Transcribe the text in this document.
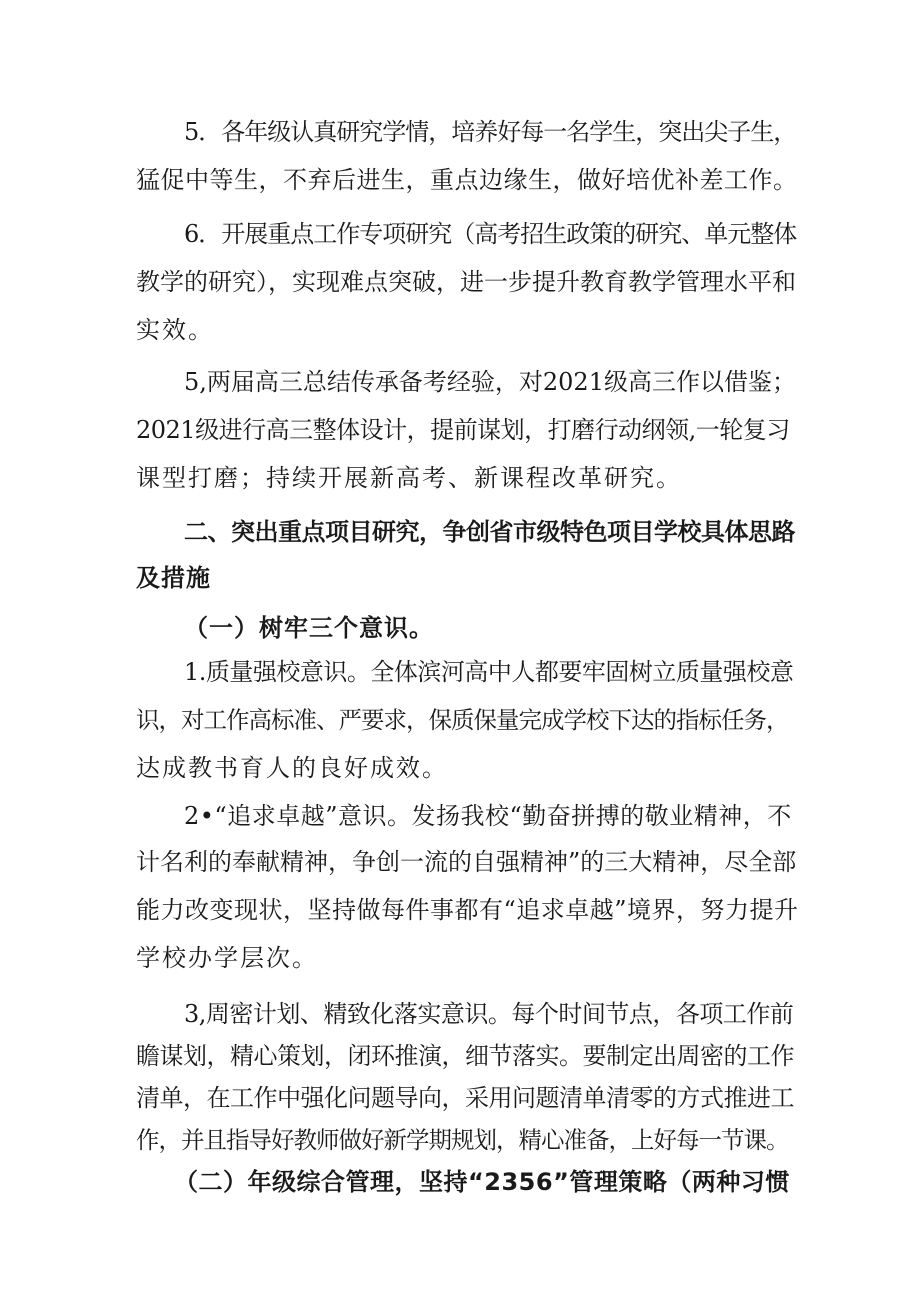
5．各年级认真研究学情，培养好每一名学生，突出尖子生，
猛促中等生，不弃后进生，重点边缘生，做好培优补差工作。
6．开展重点工作专项研究（高考招生政策的研究、单元整体
教学的研究），实现难点突破，进一步提升教育教学管理水平和
实效。
5,两届高三总结传承备考经验，对2021级高三作以借鉴；
2021级进行高三整体设计，提前谋划，打磨行动纲领,一轮复习
课型打磨；持续开展新高考、新课程改革研究。
二、突出重点项目研究，争创省市级特色项目学校具体思路
及措施
（一）树牢三个意识。
1.质量强校意识。全体滨河高中人都要牢固树立质量强校意
识，对工作高标准、严要求，保质保量完成学校下达的指标任务，
达成教书育人的良好成效。
2•“追求卓越”意识。发扬我校“勤奋拼搏的敬业精神，不
计名利的奉献精神，争创一流的自强精神”的三大精神，尽全部
能力改变现状，坚持做每件事都有“追求卓越”境界，努力提升
学校办学层次。
3,周密计划、精致化落实意识。每个时间节点，各项工作前
瞻谋划，精心策划，闭环推演，细节落实。要制定出周密的工作
清单，在工作中强化问题导向，采用问题清单清零的方式推进工
作，并且指导好教师做好新学期规划，精心准备，上好每一节课。
（二）年级综合管理，坚持“2356”管理策略（两种习惯
